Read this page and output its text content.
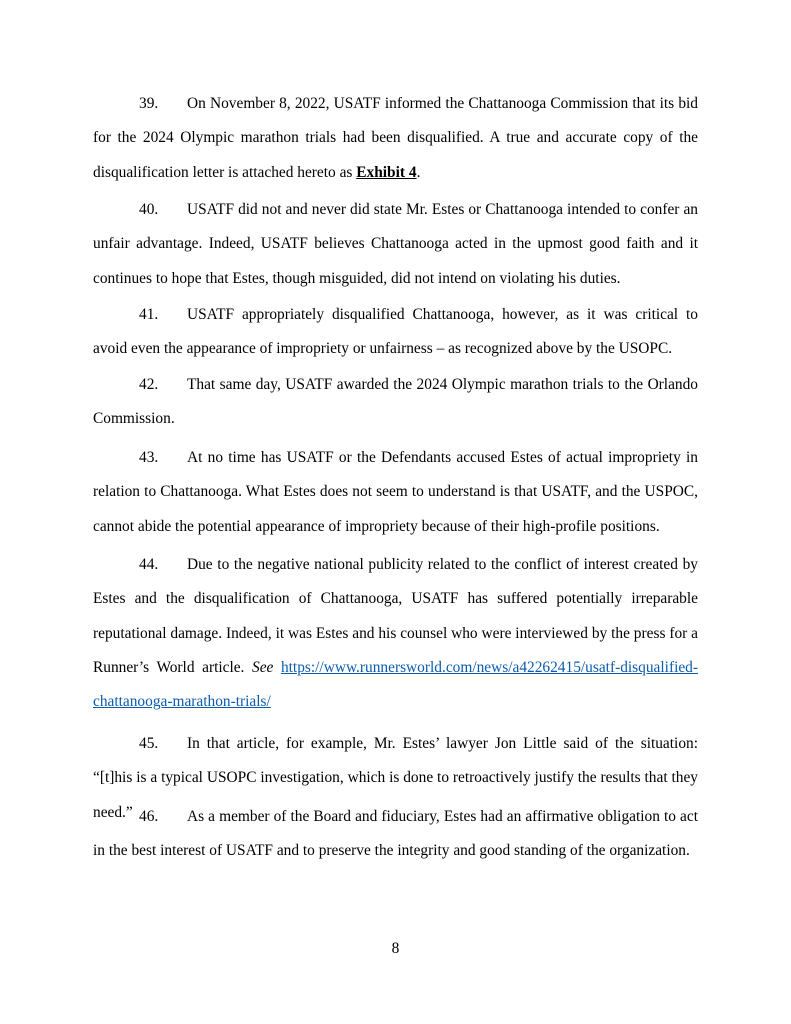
39. On November 8, 2022, USATF informed the Chattanooga Commission that its bid for the 2024 Olympic marathon trials had been disqualified. A true and accurate copy of the disqualification letter is attached hereto as Exhibit 4.

40. USATF did not and never did state Mr. Estes or Chattanooga intended to confer an unfair advantage. Indeed, USATF believes Chattanooga acted in the upmost good faith and it continues to hope that Estes, though misguided, did not intend on violating his duties.

41. USATF appropriately disqualified Chattanooga, however, as it was critical to avoid even the appearance of impropriety or unfairness – as recognized above by the USOPC.

42. That same day, USATF awarded the 2024 Olympic marathon trials to the Orlando Commission.

43. At no time has USATF or the Defendants accused Estes of actual impropriety in relation to Chattanooga. What Estes does not seem to understand is that USATF, and the USPOC, cannot abide the potential appearance of impropriety because of their high-profile positions.

44. Due to the negative national publicity related to the conflict of interest created by Estes and the disqualification of Chattanooga, USATF has suffered potentially irreparable reputational damage. Indeed, it was Estes and his counsel who were interviewed by the press for a Runner’s World article. See https://www.runnersworld.com/news/a42262415/usatf-disqualified-chattanooga-marathon-trials/

45. In that article, for example, Mr. Estes’ lawyer Jon Little said of the situation: “[t]his is a typical USOPC investigation, which is done to retroactively justify the results that they need.” 46. As a member of the Board and fiduciary, Estes had an affirmative obligation to act in the best interest of USATF and to preserve the integrity and good standing of the organization.

8
